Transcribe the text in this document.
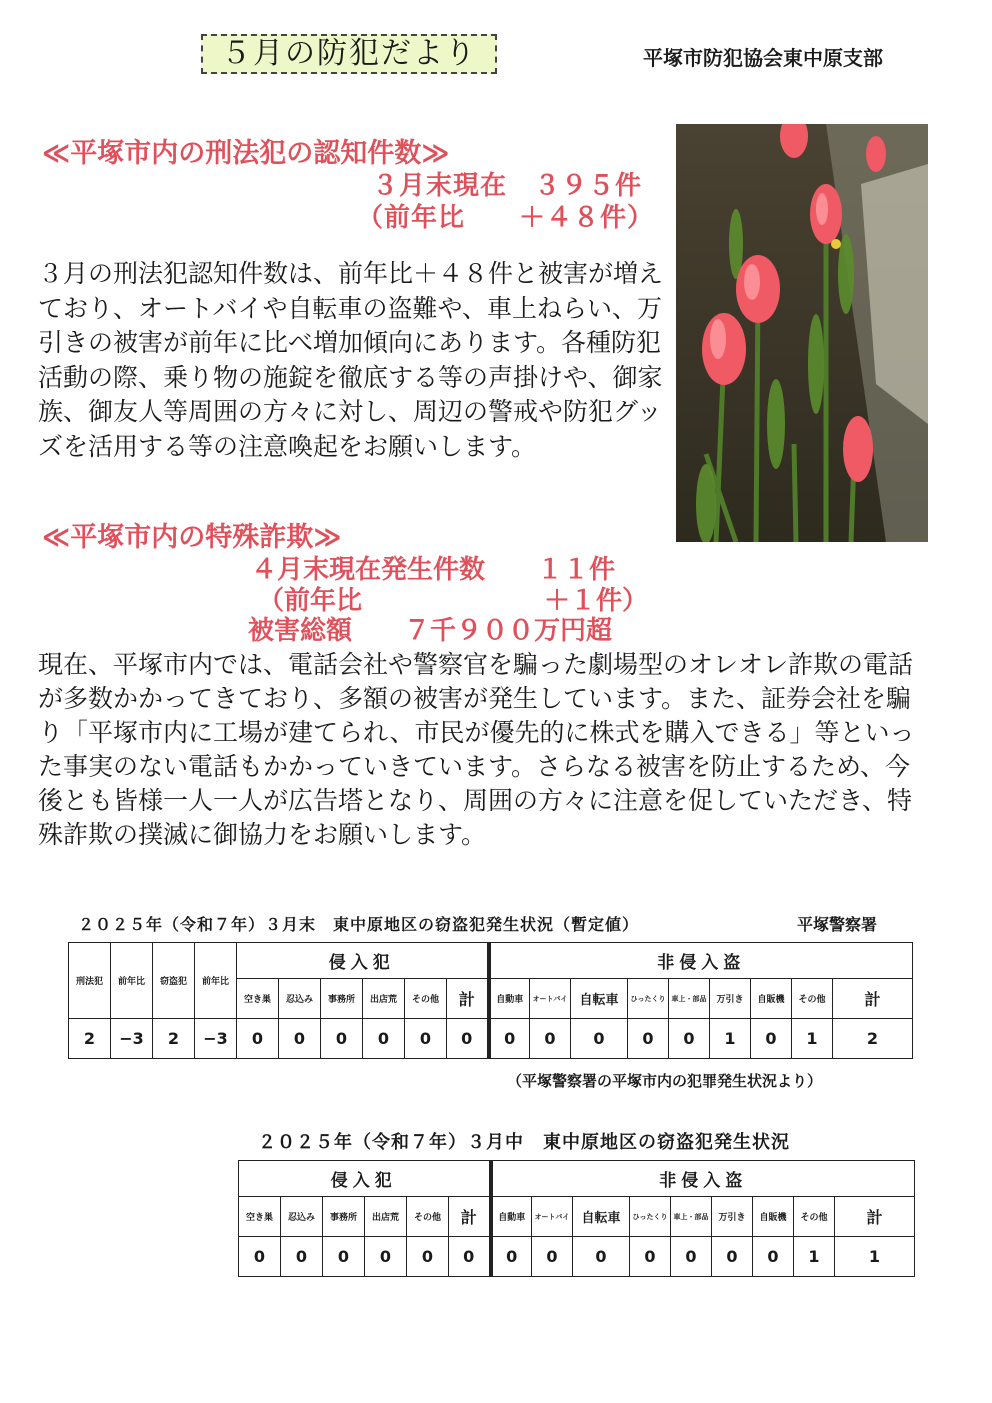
５月の防犯だより	平塚市防犯協会東中原支部
≪平塚市内の刑法犯の認知件数≫
３月末現在　３９５件
（前年比　　＋４８件）

３月の刑法犯認知件数は、前年比＋４８件と被害が増えており、オートバイや自転車の盗難や、車上ねらい、万引きの被害が前年に比べ増加傾向にあります。各種防犯活動の際、乗り物の施錠を徹底する等の声掛けや、御家族、御友人等周囲の方々に対し、周辺の警戒や防犯グッズを活用する等の注意喚起をお願いします。

≪平塚市内の特殊詐欺≫
４月末現在発生件数　　１１件
（前年比　　　　　　　＋１件）
被害総額　　７千９００万円超

現在、平塚市内では、電話会社や警察官を騙った劇場型のオレオレ詐欺の電話が多数かかってきており、多額の被害が発生しています。また、証券会社を騙り「平塚市内に工場が建てられ、市民が優先的に株式を購入できる」等といった事実のない電話もかかっていきています。さらなる被害を防止するため、今後とも皆様一人一人が広告塔となり、周囲の方々に注意を促していただき、特殊詐欺の撲滅に御協力をお願いします。

２０２５年（令和７年）３月末　東中原地区の窃盗犯発生状況（暫定値）	平塚警察署
刑法犯	前年比	窃盗犯	前年比	侵入犯						非侵入盗								
				空き巣	忍込み	事務所	出店荒	その他	計	自動車	オートバイ	自転車	ひったくり	車上・部品	万引き	自販機	その他	計
2	−3	2	−3	0	0	0	0	0	0	0	0	0	0	0	1	0	1	2
（平塚警察署の平塚市内の犯罪発生状況より）
２０２５年（令和７年）３月中　東中原地区の窃盗犯発生状況
侵入犯						非侵入盗								
空き巣	忍込み	事務所	出店荒	その他	計	自動車	オートバイ	自転車	ひったくり	車上・部品	万引き	自販機	その他	計
0	0	0	0	0	0	0	0	0	0	0	0	0	1	1
